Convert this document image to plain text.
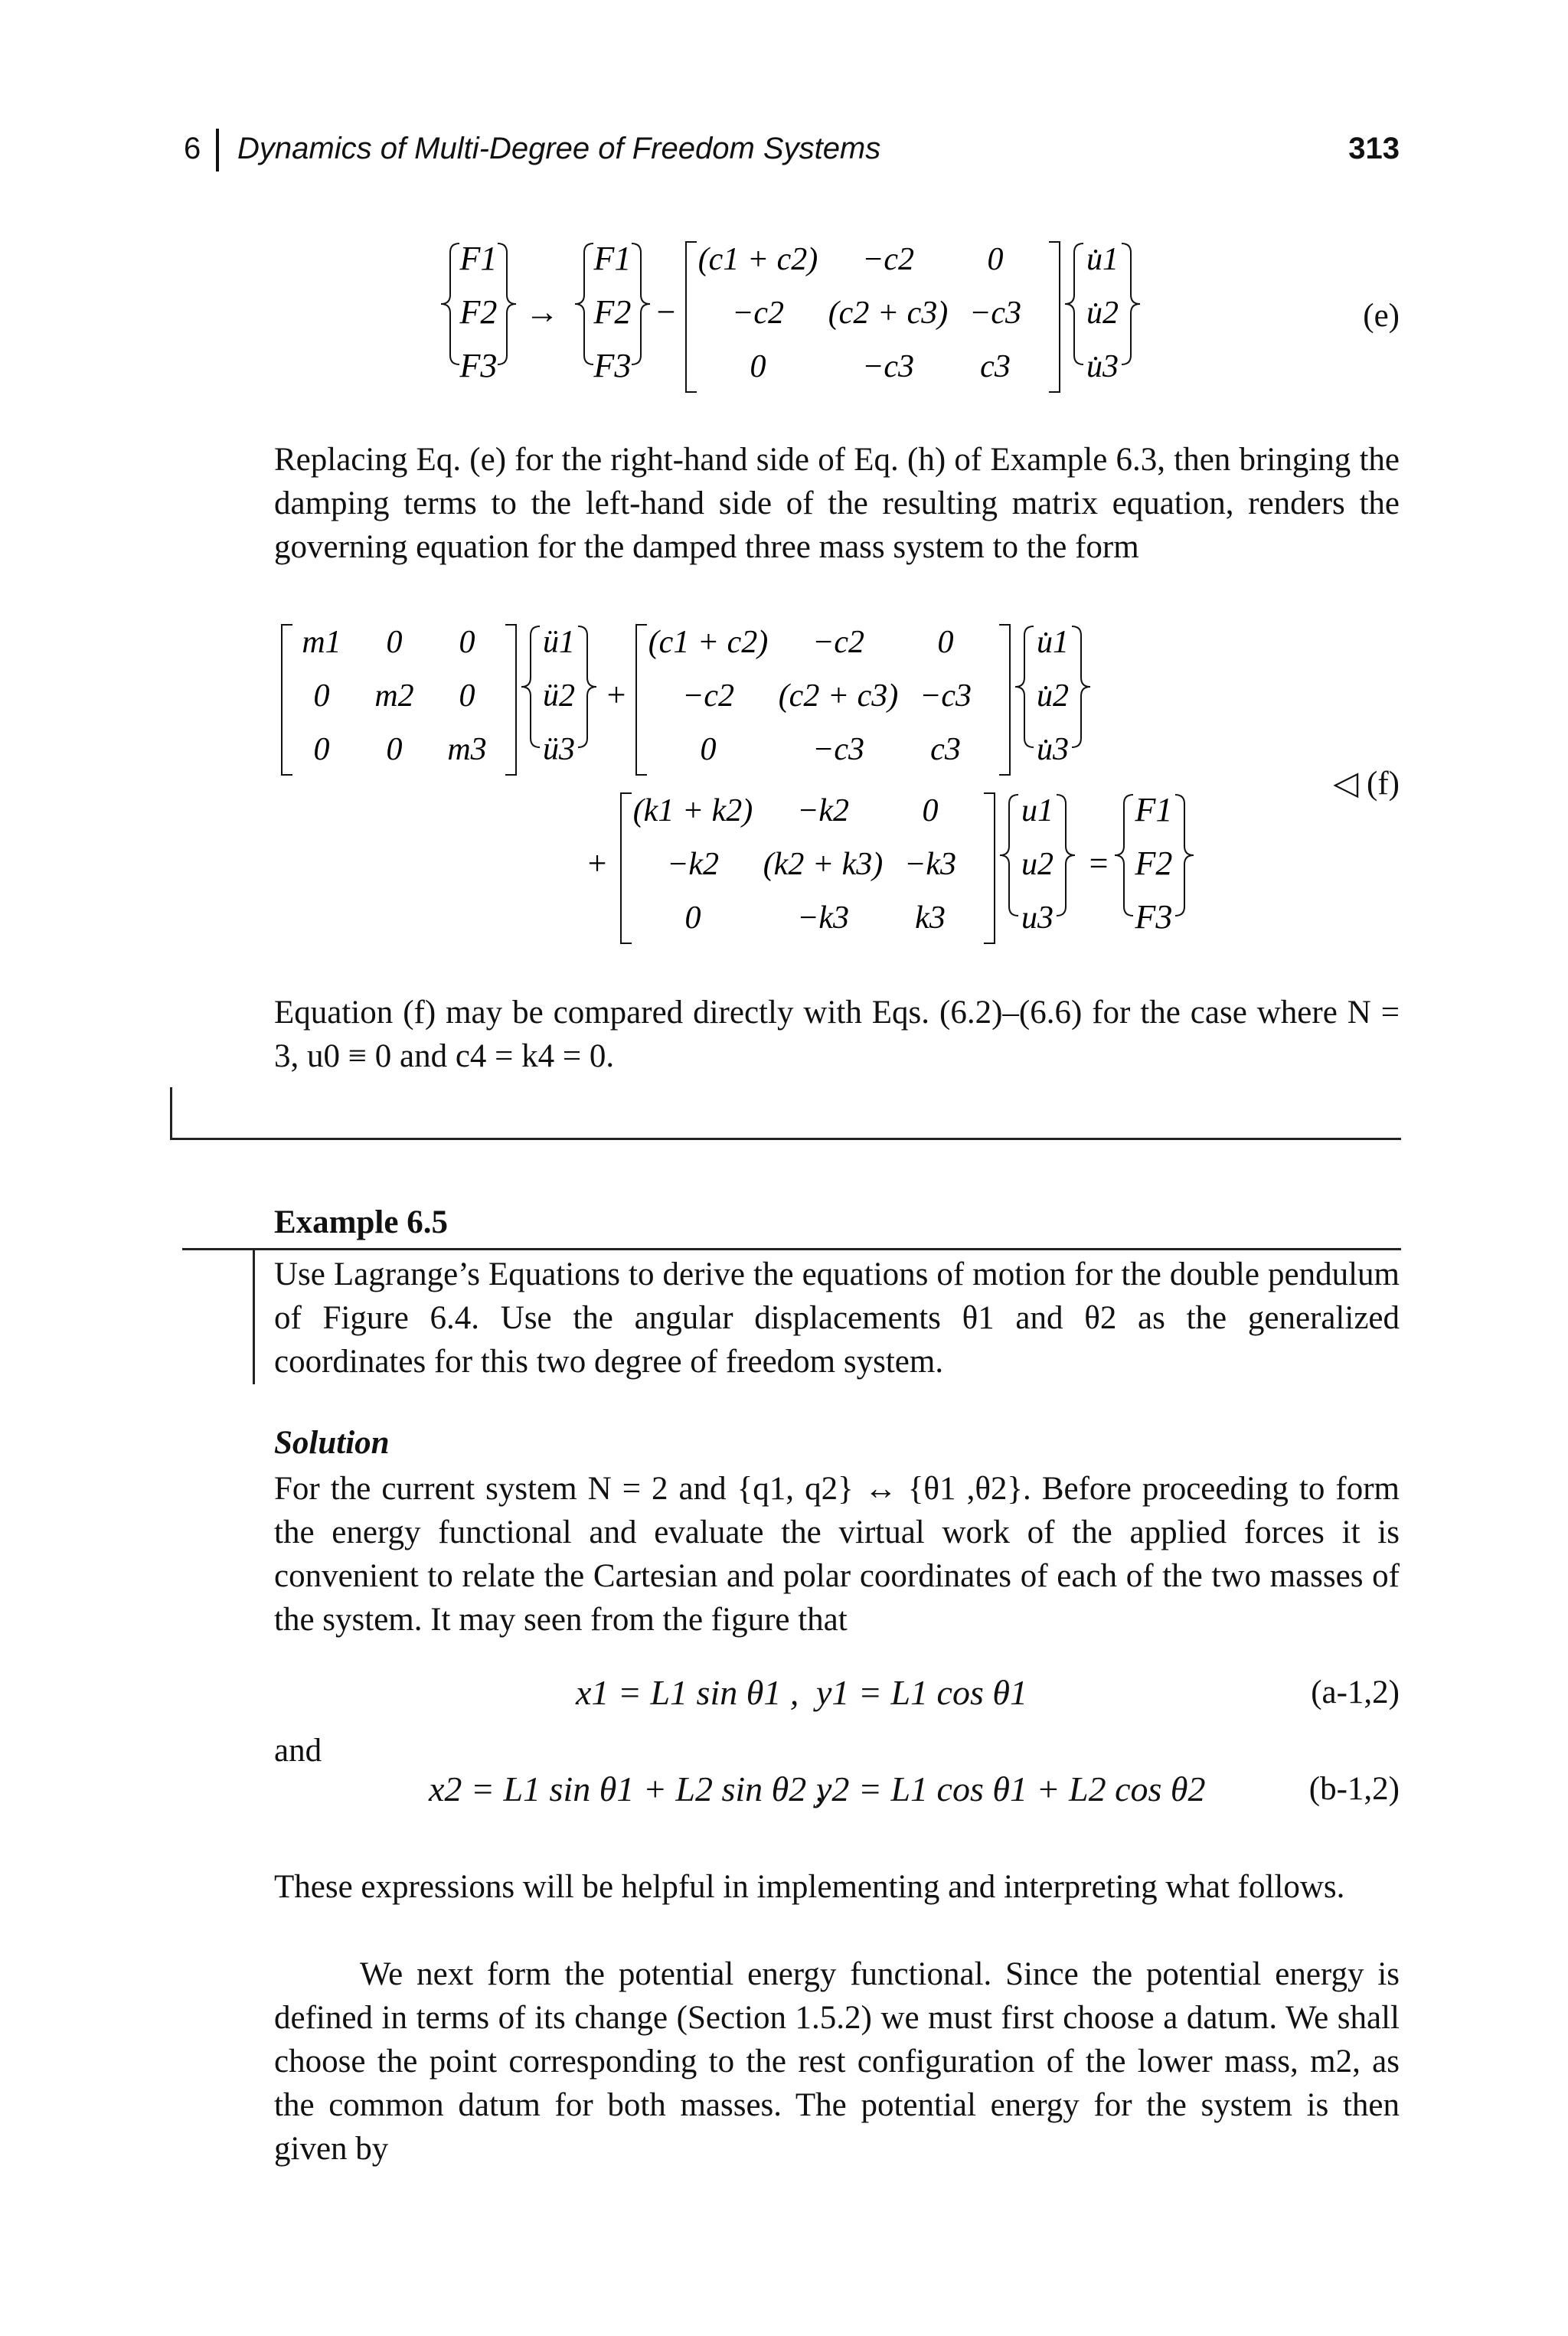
6 Dynamics of Multi-Degree of Freedom Systems	313
F1
F2
F3
→
F1
F2
F3
−
(c1 + c2) −c2 0
−c2 (c2 + c3) −c3
0	−c3 c3
u̇1
u̇2
u̇3
(e)
Replacing Eq. (e) for the right-hand side of Eq. (h) of Example 6.3, then bringing the damping terms to the left-hand side of the resulting matrix equation, renders the governing equation for the damped three mass system to the form
m1 0 0
0 m2 0
0 0 m3
ü1
ü2
ü3
+
(c1 + c2) −c2 0
−c2 (c2 + c3) −c3
0	−c3 c3
u̇1
u̇2
u̇3
+
(k1 + k2) −k2 0
−k2 (k2 + k3) −k3
0	−k3 k3
u1
u2
u3
=
F1
F2
F3
◁ (f)
Equation (f) may be compared directly with Eqs. (6.2)–(6.6) for the case where N = 3, u0 ≡ 0 and c4 = k4 = 0.
Example 6.5
Use Lagrange’s Equations to derive the equations of motion for the double pendulum of Figure 6.4. Use the angular displacements θ1 and θ2 as the generalized coordinates for this two degree of freedom system.
Solution
For the current system N = 2 and {q1, q2} ↔ {θ1 ,θ2}. Before proceeding to form the energy functional and evaluate the virtual work of the applied forces it is convenient to relate the Cartesian and polar coordinates of each of the two masses of the system. It may seen from the figure that
x1 = L1 sin θ1 , y1 = L1 cos θ1	(a-1,2)
and
x2 = L1 sin θ1 + L2 sin θ2 ,
y2 = L1 cos θ1 + L2 cos θ2	(b-1,2)
These expressions will be helpful in implementing and interpreting what follows.
We next form the potential energy functional. Since the potential energy is defined in terms of its change (Section 1.5.2) we must first choose a datum. We shall choose the point corresponding to the rest configuration of the lower mass, m2, as the common datum for both masses. The potential energy for the system is then given by
